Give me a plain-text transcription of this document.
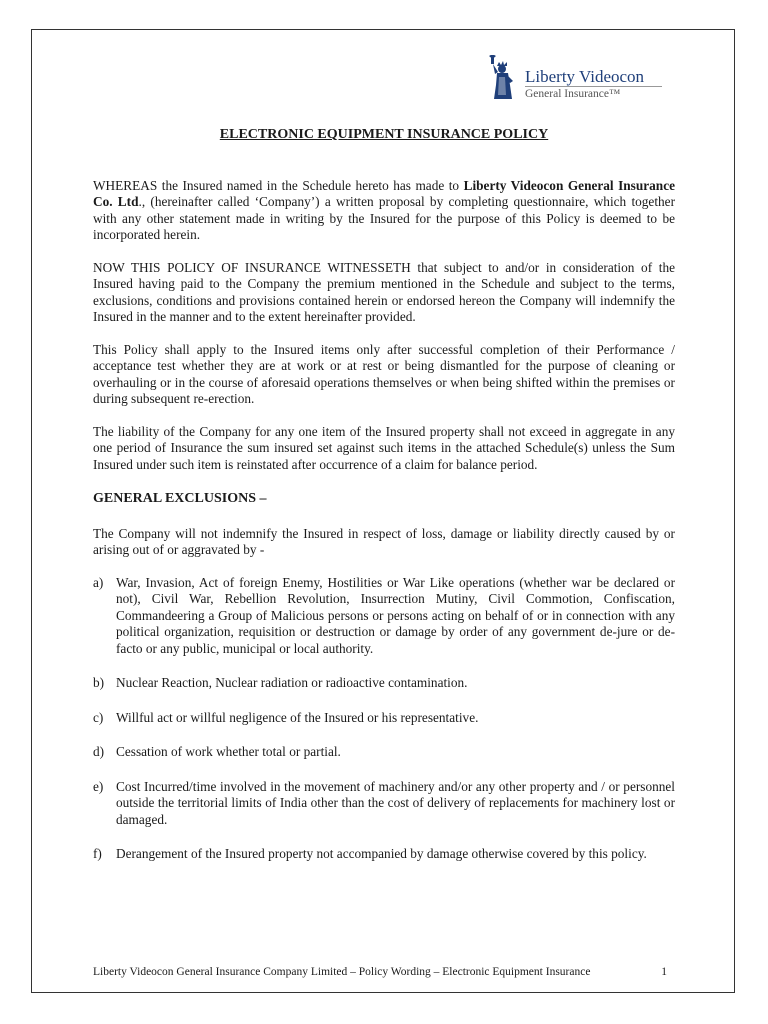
Liberty Videocon
General Insurance™
ELECTRONIC EQUIPMENT INSURANCE POLICY

WHEREAS the Insured named in the Schedule hereto has made to Liberty Videocon General Insurance Co. Ltd., (hereinafter called ‘Company’) a written proposal by completing questionnaire, which together with any other statement made in writing by the Insured for the purpose of this Policy is deemed to be incorporated herein.

NOW THIS POLICY OF INSURANCE WITNESSETH that subject to and/or in consideration of the Insured having paid to the Company the premium mentioned in the Schedule and subject to the terms, exclusions, conditions and provisions contained herein or endorsed hereon the Company will indemnify the Insured in the manner and to the extent hereinafter provided.

This Policy shall apply to the Insured items only after successful completion of their Performance / acceptance test whether they are at work or at rest or being dismantled for the purpose of cleaning or overhauling or in the course of aforesaid operations themselves or when being shifted within the premises or during subsequent re-erection.

The liability of the Company for any one item of the Insured property shall not exceed in aggregate in any one period of Insurance the sum insured set against such items in the attached Schedule(s) unless the Sum Insured under such item is reinstated after occurrence of a claim for balance period.

GENERAL EXCLUSIONS –

The Company will not indemnify the Insured in respect of loss, damage or liability directly caused by or arising out of or aggravated by -

a) War, Invasion, Act of foreign Enemy, Hostilities or War Like operations (whether war be declared or not), Civil War, Rebellion Revolution, Insurrection Mutiny, Civil Commotion, Confiscation, Commandeering a Group of Malicious persons or persons acting on behalf of or in connection with any political organization, requisition or destruction or damage by order of any government de-jure or de-facto or any public, municipal or local authority.
b) Nuclear Reaction, Nuclear radiation or radioactive contamination.
c) Willful act or willful negligence of the Insured or his representative.
d) Cessation of work whether total or partial.
e) Cost Incurred/time involved in the movement of machinery and/or any other property and / or personnel outside the territorial limits of India other than the cost of delivery of replacements for machinery lost or damaged.
f) Derangement of the Insured property not accompanied by damage otherwise covered by this policy.
Liberty Videocon General Insurance Company Limited – Policy Wording – Electronic Equipment Insurance	1
